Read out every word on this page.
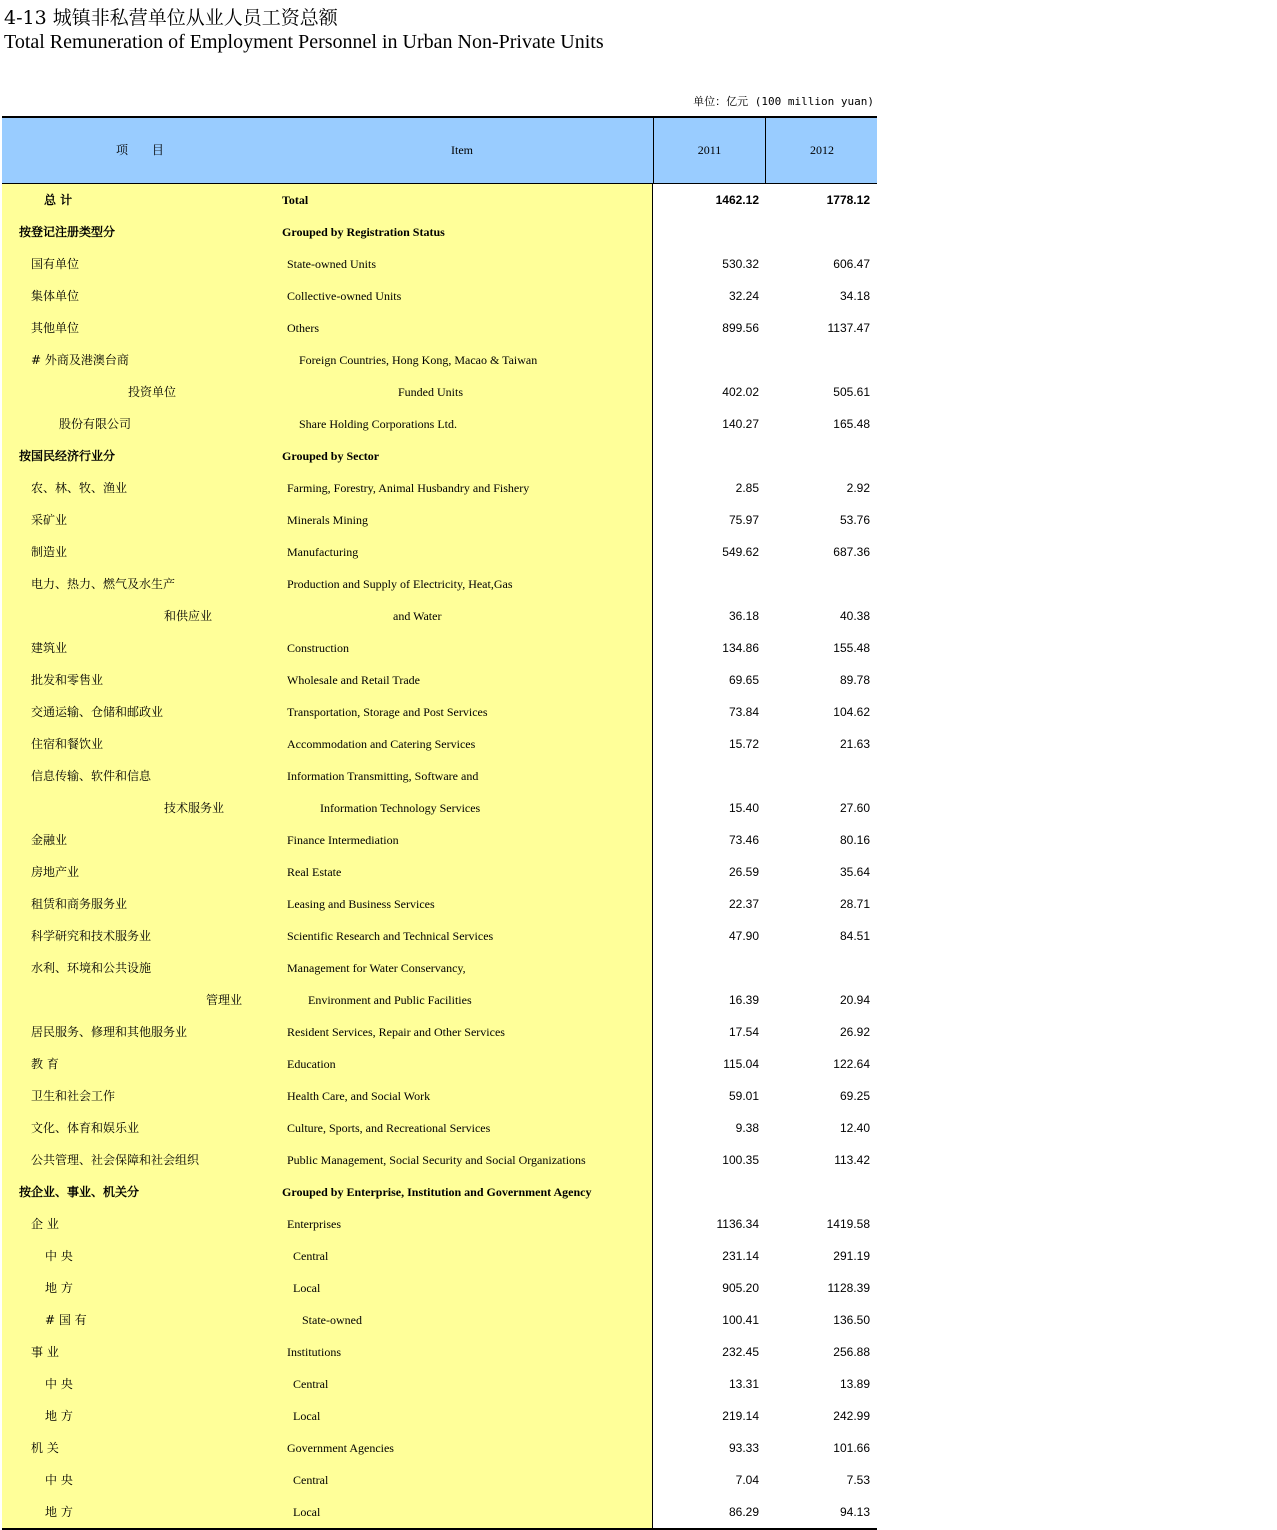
4-13 城镇非私营单位从业人员工资总额
Total Remuneration of Employment Personnel in Urban Non-Private Units
单位：亿元 (100 million yuan)
项 目	Item	2011	2012
总 计	Total	1462.12	1778.12
按登记注册类型分	Grouped by Registration Status
国有单位	State-owned Units	530.32	606.47
集体单位	Collective-owned Units	32.24	34.18
其他单位	Others	899.56	1137.47
# 外商及港澳台商	Foreign Countries, Hong Kong, Macao & Taiwan
投资单位	Funded Units	402.02	505.61
股份有限公司	Share Holding Corporations Ltd.	140.27	165.48
按国民经济行业分	Grouped by Sector
农、林、牧、渔业	Farming, Forestry, Animal Husbandry and Fishery	2.85	2.92
采矿业	Minerals Mining	75.97	53.76
制造业	Manufacturing	549.62	687.36
电力、热力、燃气及水生产	Production and Supply of Electricity, Heat,Gas
和供应业	and Water	36.18	40.38
建筑业	Construction	134.86	155.48
批发和零售业	Wholesale and Retail Trade	69.65	89.78
交通运输、仓储和邮政业	Transportation, Storage and Post Services	73.84	104.62
住宿和餐饮业	Accommodation and Catering Services	15.72	21.63
信息传输、软件和信息	Information Transmitting, Software and
技术服务业	Information Technology Services	15.40	27.60
金融业	Finance Intermediation	73.46	80.16
房地产业	Real Estate	26.59	35.64
租赁和商务服务业	Leasing and Business Services	22.37	28.71
科学研究和技术服务业	Scientific Research and Technical Services	47.90	84.51
水利、环境和公共设施	Management for Water Conservancy,
管理业	Environment and Public Facilities	16.39	20.94
居民服务、修理和其他服务业	Resident Services, Repair and Other Services	17.54	26.92
教 育	Education	115.04	122.64
卫生和社会工作	Health Care, and Social Work	59.01	69.25
文化、体育和娱乐业	Culture, Sports, and Recreational Services	9.38	12.40
公共管理、社会保障和社会组织	Public Management, Social Security and Social Organizations	100.35	113.42
按企业、事业、机关分	Grouped by Enterprise, Institution and Government Agency
企 业	Enterprises	1136.34	1419.58
中 央	Central	231.14	291.19
地 方	Local	905.20	1128.39
# 国 有	State-owned	100.41	136.50
事 业	Institutions	232.45	256.88
中 央	Central	13.31	13.89
地 方	Local	219.14	242.99
机 关	Government Agencies	93.33	101.66
中 央	Central	7.04	7.53
地 方	Local	86.29	94.13
